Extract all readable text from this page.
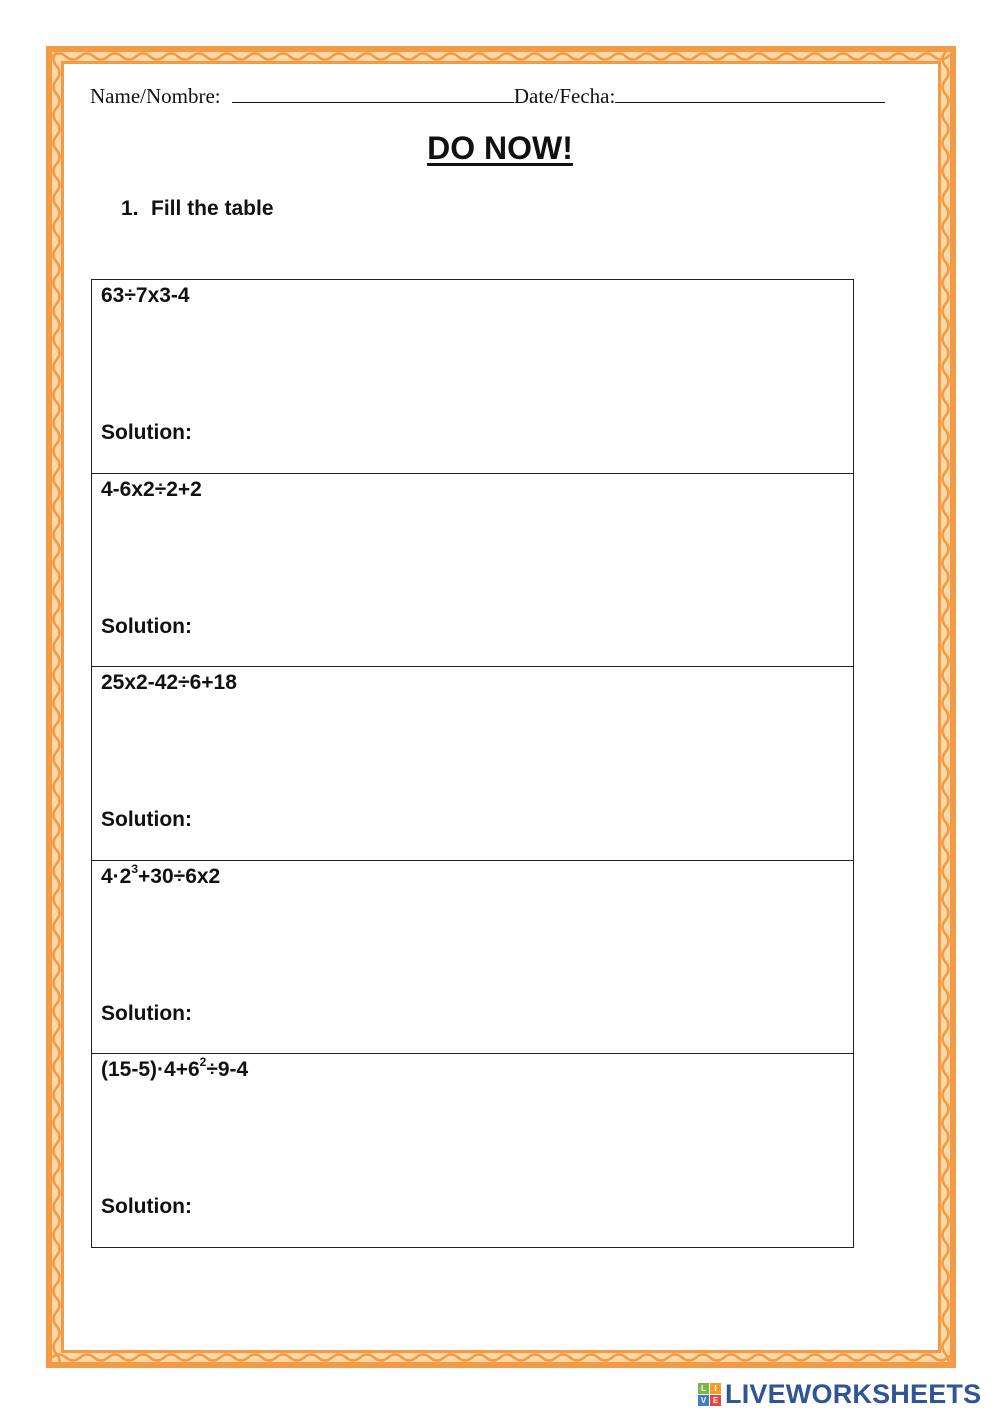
Name/Nombre:	Date/Fecha:
DO NOW!
1. Fill the table
63÷7x3-4
Solution:
4-6x2÷2+2
Solution:
25x2-42÷6+18
Solution:
$4\cdot 2^3+30\div 6x2$
Solution:
$(15-5)\cdot 4+6^2\div 9-4$
Solution:
L	I
V E LIVEWORKSHEETS
